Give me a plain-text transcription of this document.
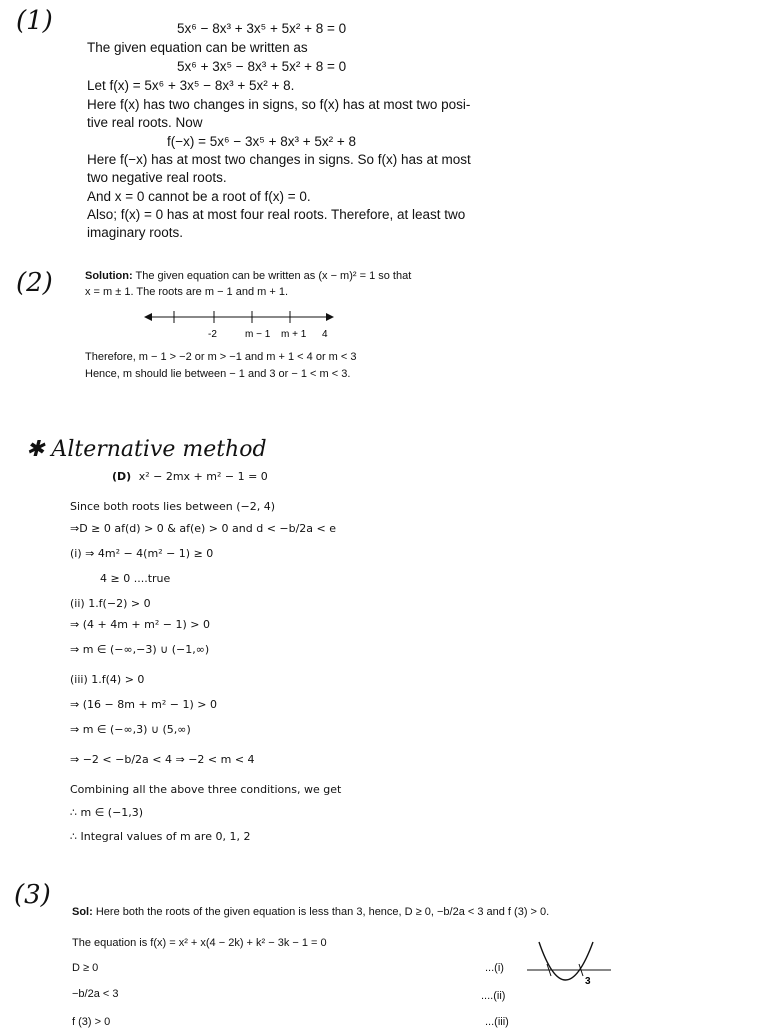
(1)	5x⁶ − 8x³ + 3x⁵ + 5x² + 8 = 0
The given equation can be written as
5x⁶ + 3x⁵ − 8x³ + 5x² + 8 = 0
Let f(x) = 5x⁶ + 3x⁵ − 8x³ + 5x² + 8.
Here f(x) has two changes in signs, so f(x) has at most two posi-
tive real roots. Now
f(−x) = 5x⁶ − 3x⁵ + 8x³ + 5x² + 8
Here f(−x) has at most two changes in signs. So f(x) has at most
two negative real roots.
And x = 0 cannot be a root of f(x) = 0.
Also; f(x) = 0 has at most four real roots. Therefore, at least two
imaginary roots.
(2)	Solution: The given equation can be written as (x − m)² = 1 so that
x = m ± 1. The roots are m − 1 and m + 1.
-2	m − 1 m + 1 4
Therefore, m − 1 > −2 or m > −1 and m + 1 < 4 or m < 3
Hence, m should lie between − 1 and 3 or − 1 < m < 3.
✱ Alternative method
(D) x² − 2mx + m² − 1 = 0
Since both roots lies between (−2, 4)
⇒D ≥ 0 af(d) > 0 & af(e) > 0 and d < −b/2a < e
(i) ⇒ 4m² − 4(m² − 1) ≥ 0
4 ≥ 0 ....true
(ii) 1.f(−2) > 0
⇒ (4 + 4m + m² − 1) > 0
⇒ m ∈ (−∞,−3) ∪ (−1,∞)
(iii) 1.f(4) > 0
⇒ (16 − 8m + m² − 1) > 0
⇒ m ∈ (−∞,3) ∪ (5,∞)
⇒ −2 < −b/2a < 4 ⇒ −2 < m < 4
Combining all the above three conditions, we get
∴ m ∈ (−1,3)
∴ Integral values of m are 0, 1, 2
(3)
Sol: Here both the roots of the given equation is less than 3, hence, D ≥ 0, −b/2a < 3 and f (3) > 0.
The equation is f(x) = x² + x(4 − 2k) + k² − 3k − 1 = 0
D ≥ 0	...(i)
−b/2a < 3	....(ii)
f (3) > 0	...(iii)
3
